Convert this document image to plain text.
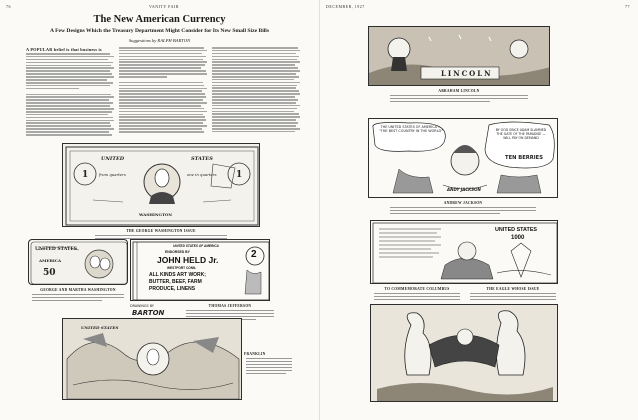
76	VANITY FAIR
The New American Currency
A Few Designs Which the Treasury Department Might Consider for Its New Small Size Bills
Suggestions by RALPH BARTON
A POPULAR belief is that business is
1	1
UNITED	STATES
from quarters	one in quarters
WASHINGTON
THE GEORGE WASHINGTON ISSUE
UNITED STATES
AMERICA
50
GEORGE AND MARTHA WASHINGTON
UNITED STATES OF AMERICA
ENDORSED BY
JOHN HELD Jr.
WESTPORT CONN.
ALL KINDS ART WORK;
BUTTER, BEEF, FARM
PRODUCE, LINENS
2
DRAWINGS BY
BARTON
THOMAS JEFFERSON
UNITED STATES
FRANKLIN
DECEMBER, 1927	77
LINCOLN
ABRAHAM LINCOLN
THE UNITED STATES OF AMERICA — "THE BEST COUNTRY IN THE WORLD"	BY GOD SINCE ADAM SLAMMED THE GATE OF THE PARADISE — WILL PAY ON DEMAND
TEN BERRIES
ANDY JACKSON
ANDREW JACKSON
UNITED STATES
1000
TO COMMEMORATE COLUMBUS	THE EAGLE WHOSE ISSUE
